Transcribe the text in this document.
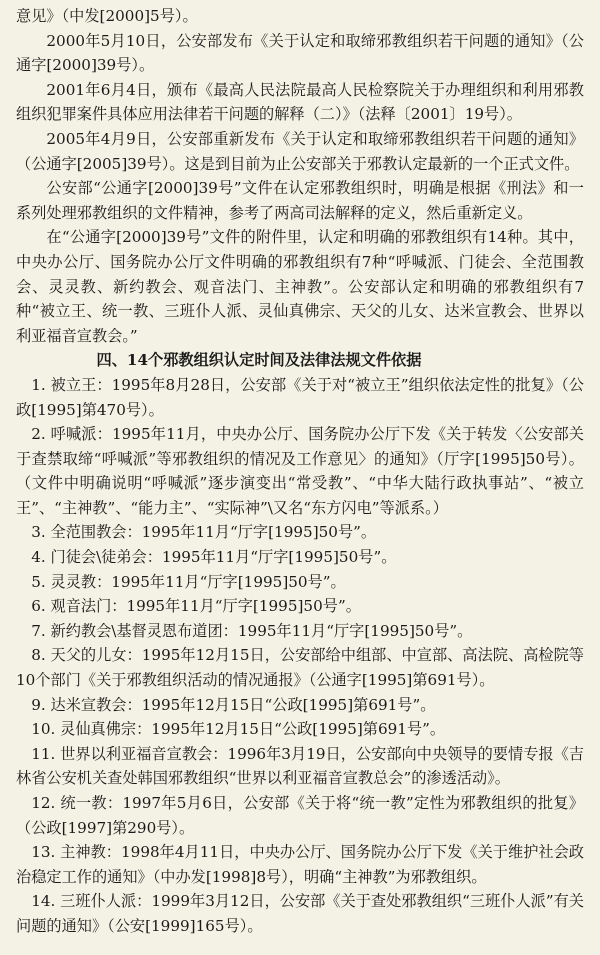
意见》（中发[2000]5号）。

2000年5月10日，公安部发布《关于认定和取缔邪教组织若干问题的通知》（公通字[2000]39号）。

2001年6月4日，颁布《最高人民法院最高人民检察院关于办理组织和利用邪教组织犯罪案件具体应用法律若干问题的解释（二）》（法释〔2001〕19号）。

2005年4月9日，公安部重新发布《关于认定和取缔邪教组织若干问题的通知》（公通字[2005]39号）。这是到目前为止公安部关于邪教认定最新的一个正式文件。

公安部“公通字[2000]39号”文件在认定邪教组织时，明确是根据《刑法》和一系列处理邪教组织的文件精神，参考了两高司法解释的定义，然后重新定义。

在“公通字[2000]39号”文件的附件里，认定和明确的邪教组织有14种。其中，中央办公厅、国务院办公厅文件明确的邪教组织有7种“呼喊派、门徒会、全范围教会、灵灵教、新约教会、观音法门、主神教”。公安部认定和明确的邪教组织有7种“被立王、统一教、三班仆人派、灵仙真佛宗、天父的儿女、达米宣教会、世界以利亚福音宣教会。”

四、14个邪教组织认定时间及法律法规文件依据

1. 被立王：1995年8月28日，公安部《关于对“被立王”组织依法定性的批复》（公政[1995]第470号）。

2. 呼喊派：1995年11月，中央办公厅、国务院办公厅下发《关于转发〈公安部关于查禁取缔“呼喊派”等邪教组织的情况及工作意见〉的通知》（厅字[1995]50号）。（文件中明确说明“呼喊派”逐步演变出“常受教”、“中华大陆行政执事站”、“被立王”、“主神教”、“能力主”、“实际神”\又名“东方闪电”等派系。）

3. 全范围教会：1995年11月“厅字[1995]50号”。

4. 门徒会\徒弟会：1995年11月“厅字[1995]50号”。

5. 灵灵教：1995年11月“厅字[1995]50号”。

6. 观音法门：1995年11月“厅字[1995]50号”。

7. 新约教会\基督灵恩布道团：1995年11月“厅字[1995]50号”。

8. 天父的儿女：1995年12月15日，公安部给中组部、中宣部、高法院、高检院等10个部门《关于邪教组织活动的情况通报》（公通字[1995]第691号）。

9. 达米宣教会：1995年12月15日“公政[1995]第691号”。

10. 灵仙真佛宗：1995年12月15日“公政[1995]第691号”。

11. 世界以利亚福音宣教会：1996年3月19日，公安部向中央领导的要情专报《吉林省公安机关查处韩国邪教组织“世界以利亚福音宣教总会”的渗透活动》。

12. 统一教：1997年5月6日，公安部《关于将“统一教”定性为邪教组织的批复》（公政[1997]第290号）。

13. 主神教：1998年4月11日，中央办公厅、国务院办公厅下发《关于维护社会政治稳定工作的通知》（中办发[1998]8号），明确“主神教”为邪教组织。

14. 三班仆人派：1999年3月12日，公安部《关于查处邪教组织“三班仆人派”有关问题的通知》（公安[1999]165号）。
